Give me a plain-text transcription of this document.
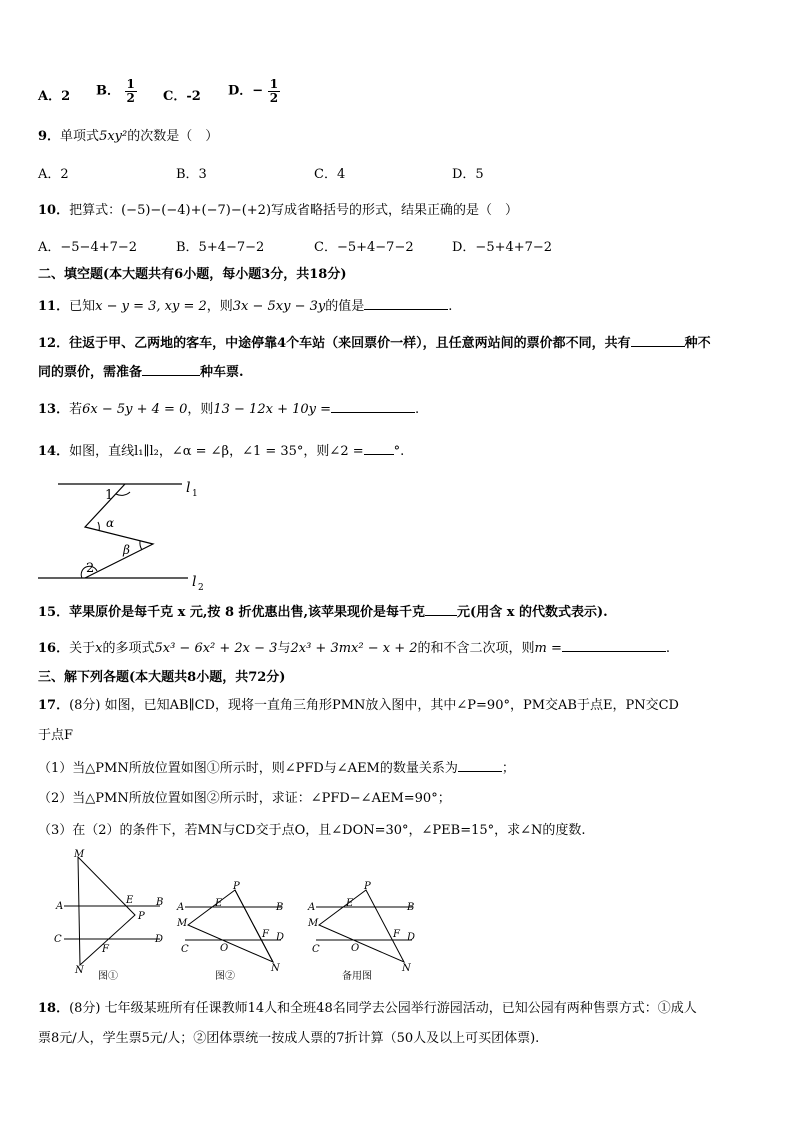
A．2 B． $\frac{1}{2}$ C．-2 D．− $\frac{1}{2}$
9．单项式5xy²的次数是（　）
A．2	B．3	C．4	D．5
10．把算式：(−5)−(−4)+(−7)−(+2)写成省略括号的形式，结果正确的是（　）
A．−5−4+7−2	B．5+4−7−2	C．−5+4−7−2	D．−5+4+7−2
二、填空题(本大题共有6小题，每小题3分，共18分)
11．已知x − y = 3, xy = 2，则3x − 5xy − 3y的值是	.
12．往返于甲、乙两地的客车，中途停靠4个车站（来回票价一样），且任意两站间的票价都不同，共有	种不
同的票价，需准备	种车票.
13．若6x − 5y + 4 = 0，则13 − 12x + 10y =	.
14．如图，直线l₁∥l₂，∠α = ∠β，∠1 = 35°，则∠2 = °.
1
α
β
2
l 1
l 2
15．苹果原价是每千克 x 元,按 8 折优惠出售,该苹果现价是每千克 元(用含 x 的代数式表示).
16．关于x的多项式5x³ − 6x² + 2x − 3与2x³ + 3mx² − x + 2的和不含二次项，则m =	.
三、解下列各题(本大题共8小题，共72分)
17．(8分) 如图，已知AB∥CD，现将一直角三角形PMN放入图中，其中∠P=90°，PM交AB于点E，PN交CD
于点F
（1）当△PMN所放位置如图①所示时，则∠PFD与∠AEM的数量关系为	；
（2）当△PMN所放位置如图②所示时，求证：∠PFD−∠AEM=90°；
（3）在（2）的条件下，若MN与CD交于点O，且∠DON=30°，∠PEB=15°，求∠N的度数.
M
A	B
E
P
C	D
F
N
图①
P
A	E	B
M
F D
C	O
N
图②
P
A	E	B
M
F D
C	O
N
备用图
18．(8分) 七年级某班所有任课教师14人和全班48名同学去公园举行游园活动，已知公园有两种售票方式：①成人
票8元/人，学生票5元/人；②团体票统一按成人票的7折计算（50人及以上可买团体票).
